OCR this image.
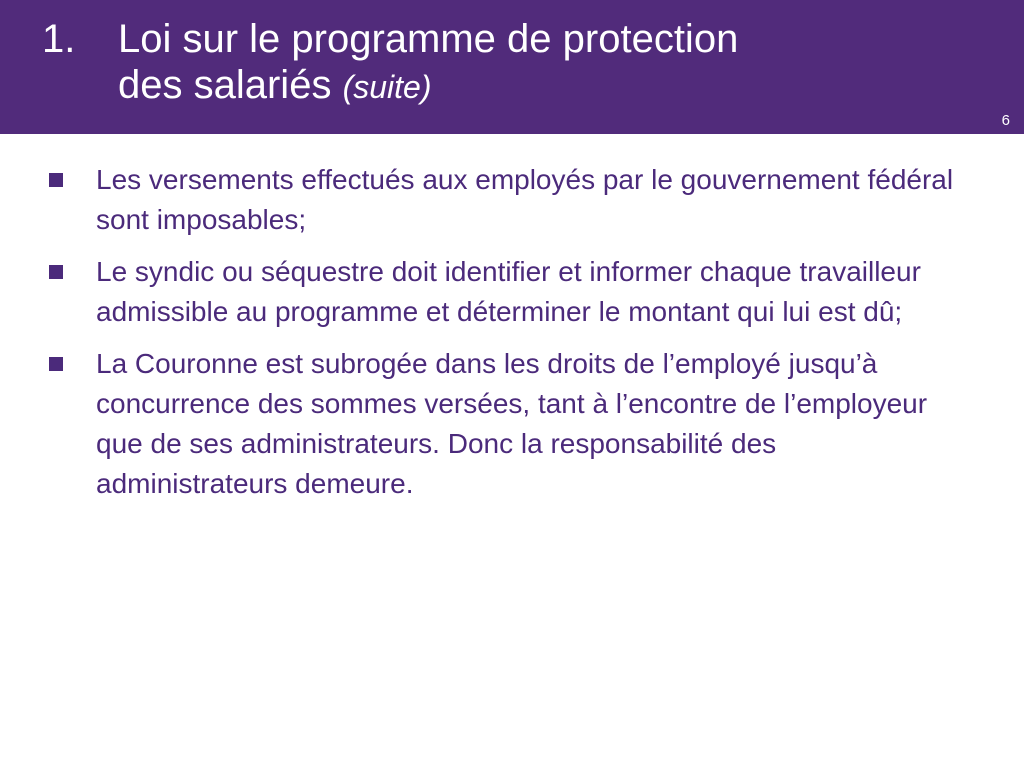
1. Loi sur le programme de protection
des salariés (suite)
6
Les versements effectués aux employés par le gouvernement fédéral sont imposables;
Le syndic ou séquestre doit identifier et informer chaque travailleur admissible au programme et déterminer le montant qui lui est dû;
La Couronne est subrogée dans les droits de l’employé jusqu’à concurrence des sommes versées, tant à l’encontre de l’employeur que de ses administrateurs. Donc la responsabilité des administrateurs demeure.
